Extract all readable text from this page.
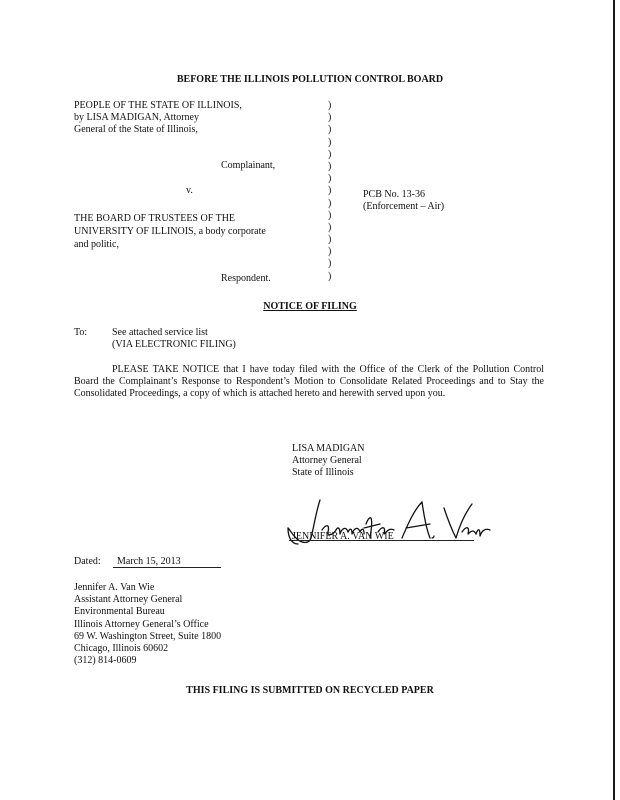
BEFORE THE ILLINOIS POLLUTION CONTROL BOARD
PEOPLE OF THE STATE OF ILLINOIS,
by LISA MADIGAN, Attorney
General of the State of Illinois,
Complainant,
v.
THE BOARD OF TRUSTEES OF THE
UNIVERSITY OF ILLINOIS, a body corporate
and politic,
Respondent.
)
)
)
)
)
)
)
)
)
)
)
)
)
)
)
PCB No. 13-36
(Enforcement – Air)
NOTICE OF FILING
To: See attached service list
(VIA ELECTRONIC FILING)
PLEASE TAKE NOTICE that I have today filed with the Office of the Clerk of the Pollution Control Board the Complainant’s Response to Respondent’s Motion to Consolidate Related Proceedings and to Stay the Consolidated Proceedings, a copy of which is attached hereto and herewith served upon you.
LISA MADIGAN
Attorney General
State of Illinois
JENNIFER A. VAN WIE
Dated: March 15, 2013
Jennifer A. Van Wie
Assistant Attorney General
Environmental Bureau
Illinois Attorney General’s Office
69 W. Washington Street, Suite 1800
Chicago, Illinois 60602
(312) 814-0609
THIS FILING IS SUBMITTED ON RECYCLED PAPER
